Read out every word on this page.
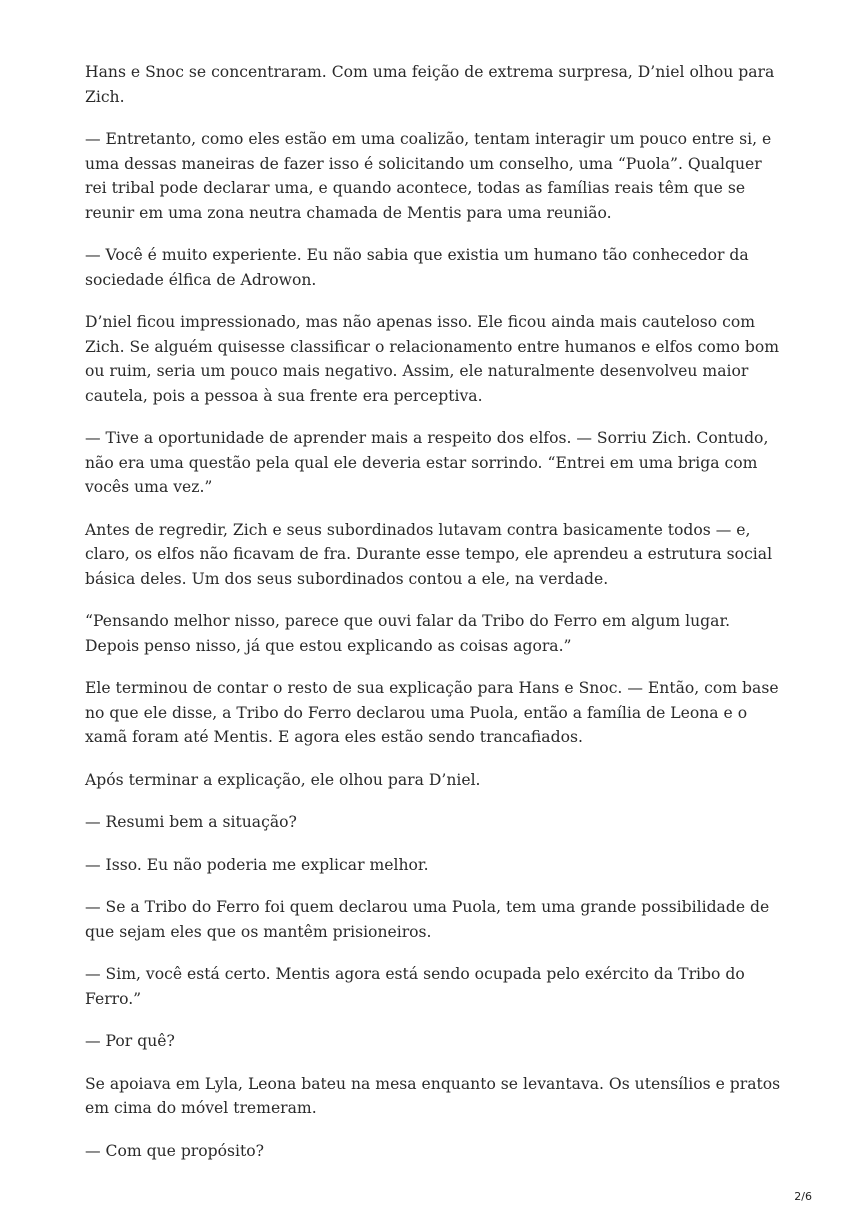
Hans e Snoc se concentraram. Com uma feição de extrema surpresa, D’niel olhou para Zich.

— Entretanto, como eles estão em uma coalizão, tentam interagir um pouco entre si, e uma dessas maneiras de fazer isso é solicitando um conselho, uma “Puola”. Qualquer rei tribal pode declarar uma, e quando acontece, todas as famílias reais têm que se reunir em uma zona neutra chamada de Mentis para uma reunião.

— Você é muito experiente. Eu não sabia que existia um humano tão conhecedor da sociedade élfica de Adrowon.

D’niel ficou impressionado, mas não apenas isso. Ele ficou ainda mais cauteloso com Zich. Se alguém quisesse classificar o relacionamento entre humanos e elfos como bom ou ruim, seria um pouco mais negativo. Assim, ele naturalmente desenvolveu maior cautela, pois a pessoa à sua frente era perceptiva.

— Tive a oportunidade de aprender mais a respeito dos elfos. — Sorriu Zich. Contudo, não era uma questão pela qual ele deveria estar sorrindo. “Entrei em uma briga com vocês uma vez.”

Antes de regredir, Zich e seus subordinados lutavam contra basicamente todos — e, claro, os elfos não ficavam de fra. Durante esse tempo, ele aprendeu a estrutura social básica deles. Um dos seus subordinados contou a ele, na verdade.

“Pensando melhor nisso, parece que ouvi falar da Tribo do Ferro em algum lugar. Depois penso nisso, já que estou explicando as coisas agora.”

Ele terminou de contar o resto de sua explicação para Hans e Snoc. — Então, com base no que ele disse, a Tribo do Ferro declarou uma Puola, então a família de Leona e o xamã foram até Mentis. E agora eles estão sendo trancafiados.

Após terminar a explicação, ele olhou para D’niel.

— Resumi bem a situação?

— Isso. Eu não poderia me explicar melhor.

— Se a Tribo do Ferro foi quem declarou uma Puola, tem uma grande possibilidade de que sejam eles que os mantêm prisioneiros.

— Sim, você está certo. Mentis agora está sendo ocupada pelo exército da Tribo do Ferro.”

— Por quê?

Se apoiava em Lyla, Leona bateu na mesa enquanto se levantava. Os utensílios e pratos em cima do móvel tremeram.

— Com que propósito?

2/6
